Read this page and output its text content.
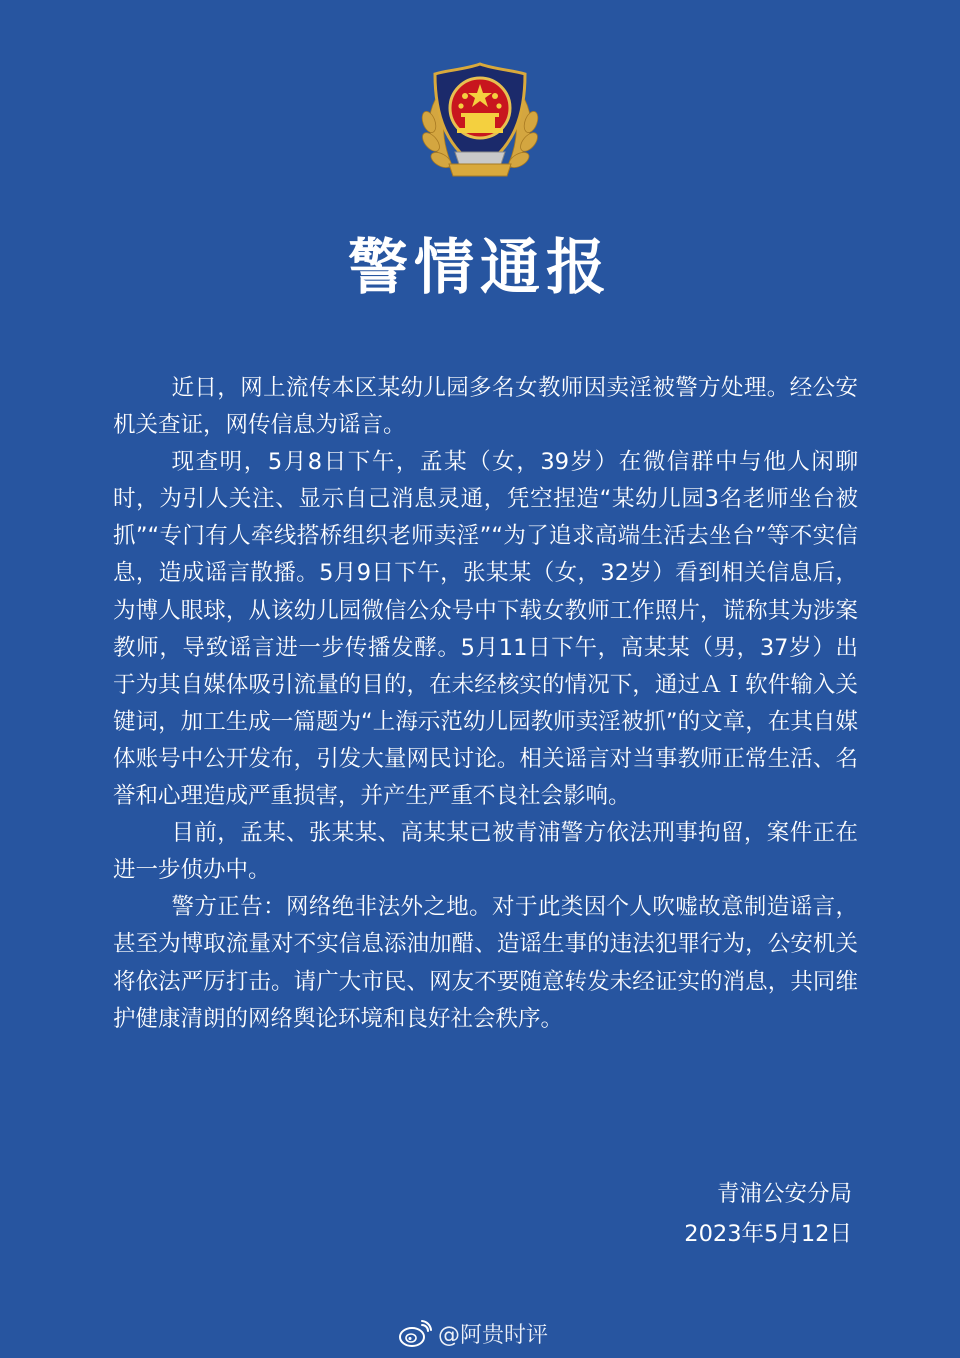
警情通报

近日，网上流传本区某幼儿园多名女教师因卖淫被警方处理。经公安机关查证，网传信息为谣言。

现查明，5月8日下午，孟某（女，39岁）在微信群中与他人闲聊时，为引人关注、显示自己消息灵通，凭空捏造“某幼儿园3名老师坐台被抓”“专门有人牵线搭桥组织老师卖淫”“为了追求高端生活去坐台”等不实信息，造成谣言散播。5月9日下午，张某某（女，32岁）看到相关信息后，为博人眼球，从该幼儿园微信公众号中下载女教师工作照片，谎称其为涉案教师，导致谣言进一步传播发酵。5月11日下午，高某某（男，37岁）出于为其自媒体吸引流量的目的，在未经核实的情况下，通过ＡＩ软件输入关键词，加工生成一篇题为“上海示范幼儿园教师卖淫被抓”的文章，在其自媒体账号中公开发布，引发大量网民讨论。相关谣言对当事教师正常生活、名誉和心理造成严重损害，并产生严重不良社会影响。

目前，孟某、张某某、高某某已被青浦警方依法刑事拘留，案件正在进一步侦办中。

警方正告：网络绝非法外之地。对于此类因个人吹嘘故意制造谣言，甚至为博取流量对不实信息添油加醋、造谣生事的违法犯罪行为，公安机关将依法严厉打击。请广大市民、网友不要随意转发未经证实的消息，共同维护健康清朗的网络舆论环境和良好社会秩序。

青浦公安分局
2023年5月12日
@阿贵时评
